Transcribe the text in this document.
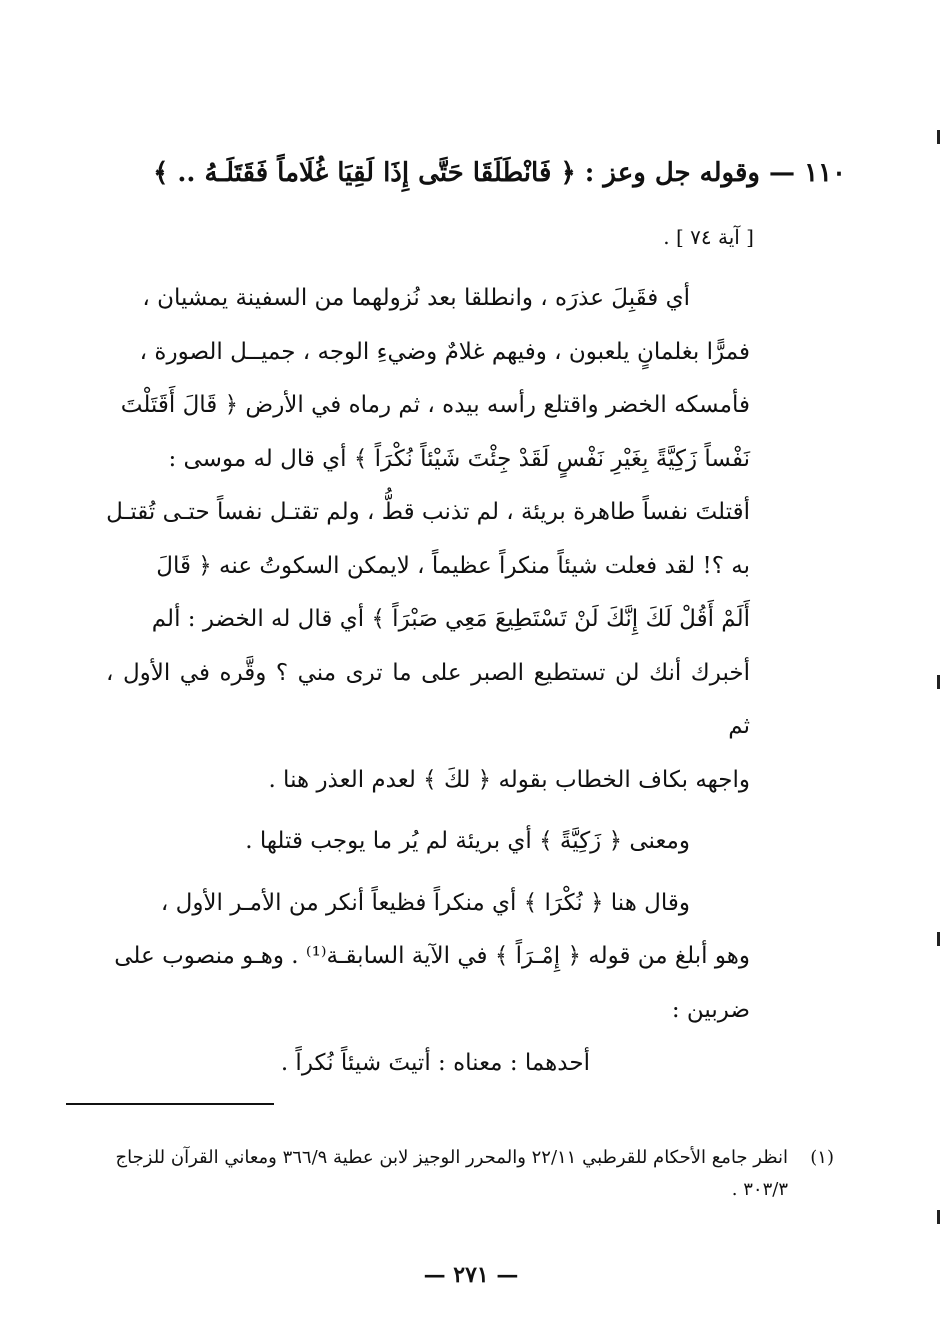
١١٠ — وقوله جل وعز : ﴿ فَانْطَلَقَا حَتَّى إِذَا لَقِيَا غُلَاماً فَقَتَلَـهُ .. ﴾
[ آية ٧٤ ] .

أي فقَبِلَ عذرَه ، وانطلقا بعد نُزولهما من السفينة يمشيان ،

فمرًّا بغلمانٍ يلعبون ، وفيهم غلامٌ وضيءِ الوجه ، جميــل الصورة ،

فأمسكه الخضر واقتلع رأسه بيده ، ثم رماه في الأرض ﴿ قَالَ أَقَتَلْتَ

نَفْساً زَكِيَّةً بِغَيْرِ نَفْسٍ لَقَدْ جِئْتَ شَيْئاً نُكْرَاً ﴾ أي قال له موسى :

أقتلتَ نفساً طاهرة بريئة ، لم تذنب قطُّ ، ولم تقتـل نفساً حتـى تُقتـل

به ؟! لقد فعلت شيئاً منكراً عظيماً ، لايمكن السكوتُ عنه ﴿ قَالَ

أَلَمْ أَقُلْ لَكَ إِنَّكَ لَنْ تَسْتَطِيعَ مَعِي صَبْرَاً ﴾ أي قال له الخضر : ألم

أخبرك أنك لن تستطيع الصبر على ما ترى مني ؟ وقَّره في الأول ، ثم

واجهه بكاف الخطاب بقوله ﴿ لكَ ﴾ لعدم العذر هنا .

ومعنى ﴿ زَكِيَّةً ﴾ أي بريئة لم يُر ما يوجب قتلها .

وقال هنا ﴿ نُكْرَا ﴾ أي منكراً فظيعاً أنكر من الأمـر الأول ،

وهو أبلغ من قوله ﴿ إِمْـرَاً ﴾ في الآية السابقـة⁽¹⁾ . وهـو منصوب على

ضربين :

أحدهما : معناه : أتيتَ شيئاً نُكراً .

(١)انظر جامع الأحكام للقرطبي ٢٢/١١ والمحرر الوجيز لابن عطية ٣٦٦/٩ ومعاني القرآن للزجاج
٣٠٣/٣ .
— ٢٧١ —
